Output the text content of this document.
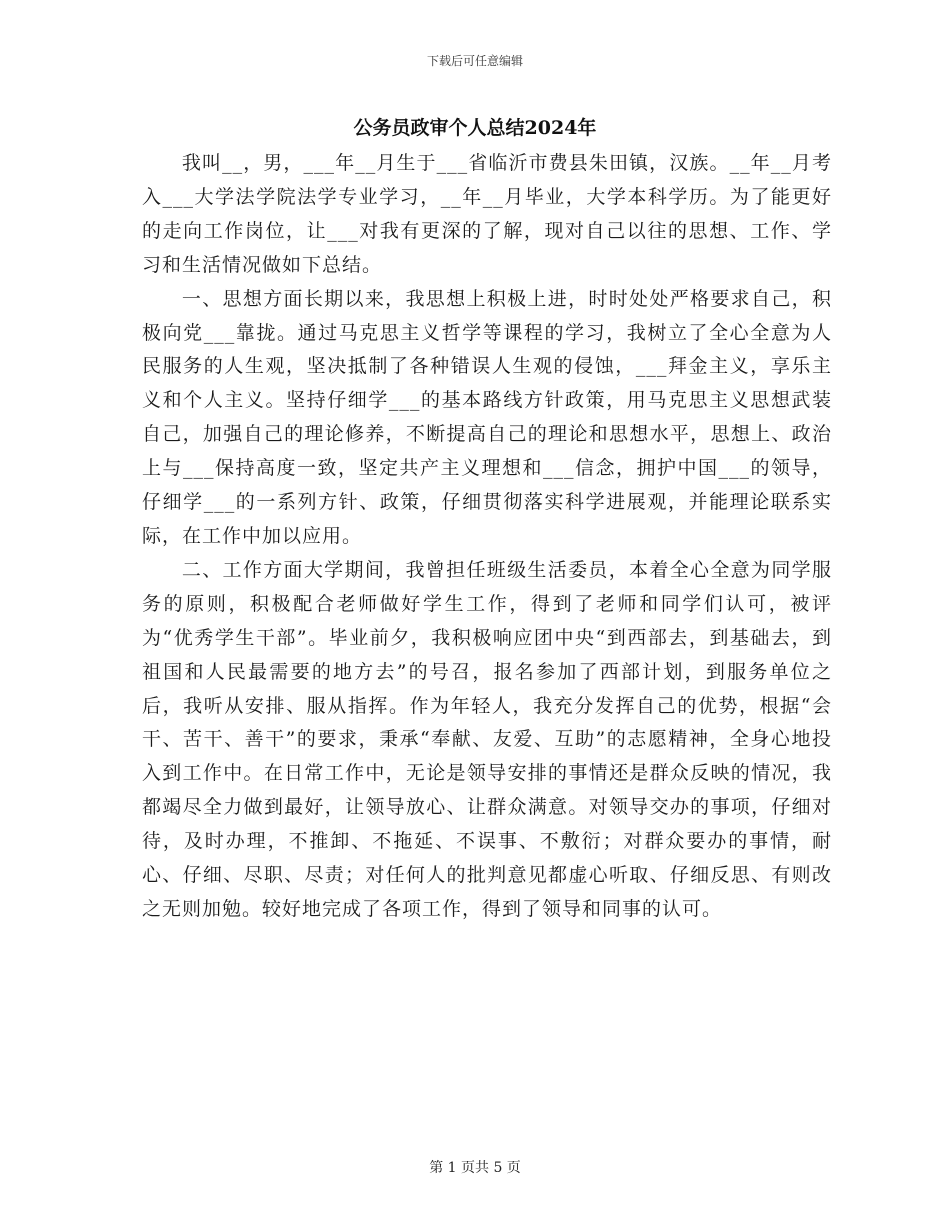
下载后可任意编辑
公务员政审个人总结2024年

我叫__，男，___年__月生于___省临沂市费县朱田镇，汉族。__年__月考入___大学法学院法学专业学习，__年__月毕业，大学本科学历。为了能更好的走向工作岗位，让___对我有更深的了解，现对自己以往的思想、工作、学习和生活情况做如下总结。

一、思想方面长期以来，我思想上积极上进，时时处处严格要求自己，积极向党___靠拢。通过马克思主义哲学等课程的学习，我树立了全心全意为人民服务的人生观，坚决抵制了各种错误人生观的侵蚀，___拜金主义，享乐主义和个人主义。坚持仔细学___的基本路线方针政策，用马克思主义思想武装自己，加强自己的理论修养，不断提高自己的理论和思想水平，思想上、政治上与___保持高度一致，坚定共产主义理想和___信念，拥护中国___的领导，仔细学___的一系列方针、政策，仔细贯彻落实科学进展观，并能理论联系实际，在工作中加以应用。

二、工作方面大学期间，我曾担任班级生活委员，本着全心全意为同学服务的原则，积极配合老师做好学生工作，得到了老师和同学们认可，被评为“优秀学生干部”。毕业前夕，我积极响应团中央“到西部去，到基础去，到祖国和人民最需要的地方去”的号召，报名参加了西部计划，到服务单位之后，我听从安排、服从指挥。作为年轻人，我充分发挥自己的优势，根据“会干、苦干、善干”的要求，秉承“奉献、友爱、互助”的志愿精神，全身心地投入到工作中。在日常工作中，无论是领导安排的事情还是群众反映的情况，我都竭尽全力做到最好，让领导放心、让群众满意。对领导交办的事项，仔细对待，及时办理，不推卸、不拖延、不误事、不敷衍；对群众要办的事情，耐心、仔细、尽职、尽责；对任何人的批判意见都虚心听取、仔细反思、有则改之无则加勉。较好地完成了各项工作，得到了领导和同事的认可。

第 1 页共 5 页
